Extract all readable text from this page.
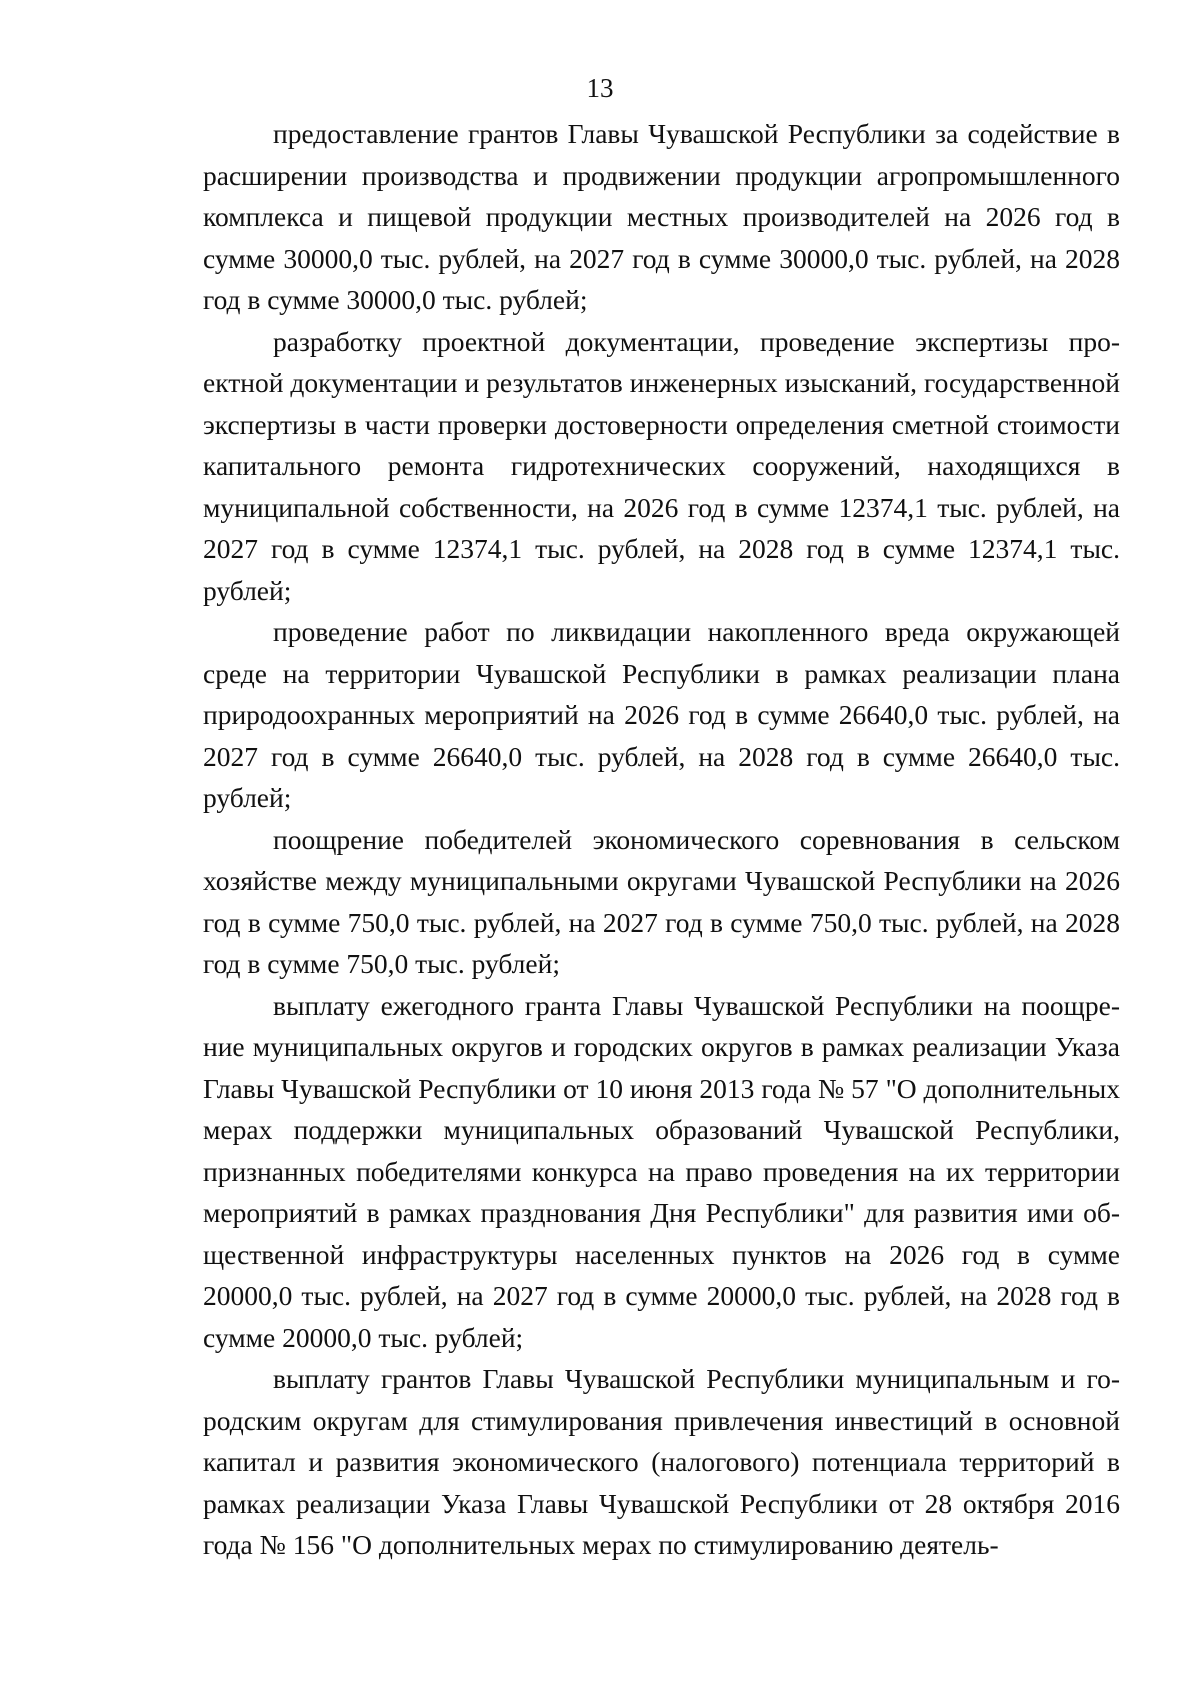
13

предоставление грантов Главы Чувашской Республики за содействие в расширении производства и продвижении продукции агропромышленного комплекса и пищевой продукции местных производителей на 2026 год в сумме 30000,0 тыс. рублей, на 2027 год в сумме 30000,0 тыс. рублей, на 2028 год в сумме 30000,0 тыс. рублей;

разработку проектной документации, проведение экспертизы проектной документации и результатов инженерных изысканий, государственной экспертизы в части проверки достоверности определения сметной стоимости капитального ремонта гидротехнических сооружений, находящихся в муниципальной собственности, на 2026 год в сумме 12374,1 тыс. рублей, на 2027 год в сумме 12374,1 тыс. рублей, на 2028 год в сумме 12374,1 тыс. рублей;

проведение работ по ликвидации накопленного вреда окружающей среде на территории Чувашской Республики в рамках реализации плана природоохранных мероприятий на 2026 год в сумме 26640,0 тыс. рублей, на 2027 год в сумме 26640,0 тыс. рублей, на 2028 год в сумме 26640,0 тыс. рублей;

поощрение победителей экономического соревнования в сельском хозяйстве между муниципальными округами Чувашской Республики на 2026 год в сумме 750,0 тыс. рублей, на 2027 год в сумме 750,0 тыс. рублей, на 2028 год в сумме 750,0 тыс. рублей;

выплату ежегодного гранта Главы Чувашской Республики на поощрение муниципальных округов и городских округов в рамках реализации Указа Главы Чувашской Республики от 10 июня 2013 года № 57 "О дополнительных мерах поддержки муниципальных образований Чувашской Республики, признанных победителями конкурса на право проведения на их территории мероприятий в рамках празднования Дня Республики" для развития ими общественной инфраструктуры населенных пунктов на 2026 год в сумме 20000,0 тыс. рублей, на 2027 год в сумме 20000,0 тыс. рублей, на 2028 год в сумме 20000,0 тыс. рублей;

выплату грантов Главы Чувашской Республики муниципальным и городским округам для стимулирования привлечения инвестиций в основной капитал и развития экономического (налогового) потенциала территорий в рамках реализации Указа Главы Чувашской Республики от 28 октября 2016 года № 156 "О дополнительных мерах по стимулированию деятель-
